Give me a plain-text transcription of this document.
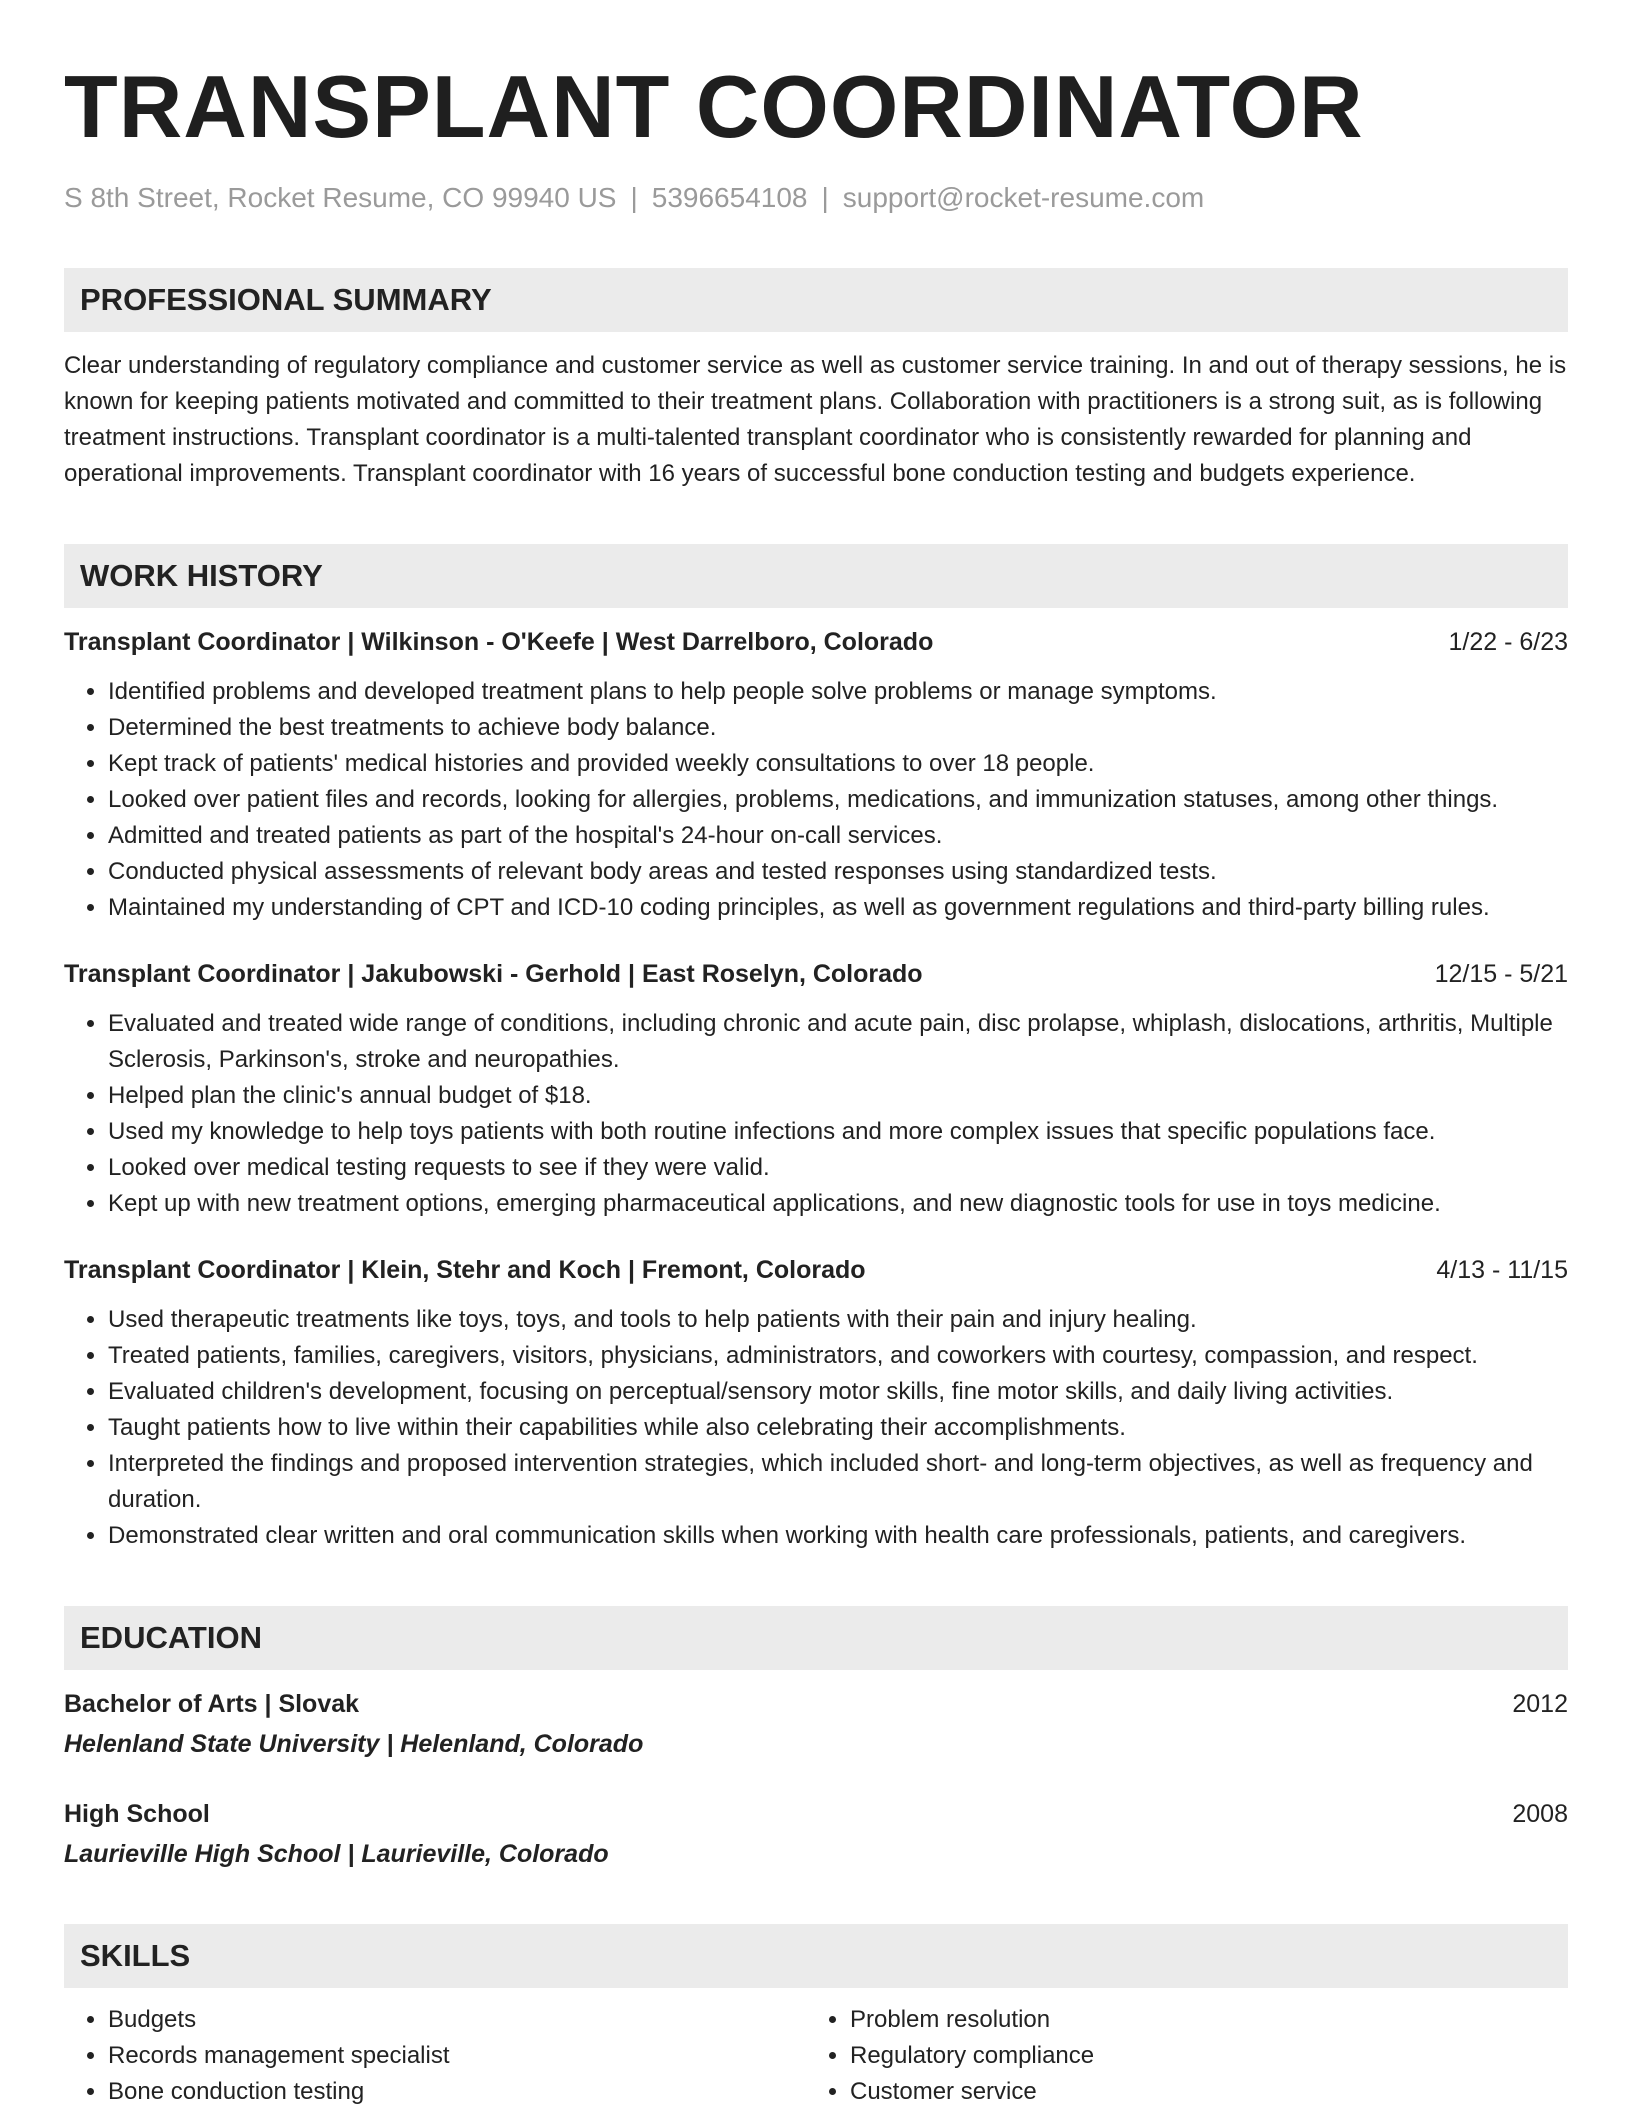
TRANSPLANT COORDINATOR
S 8th Street, Rocket Resume, CO 99940 US | 5396654108 | support@rocket-resume.com
PROFESSIONAL SUMMARY

Clear understanding of regulatory compliance and customer service as well as customer service training. In and out of therapy sessions, he is known for keeping patients motivated and committed to their treatment plans. Collaboration with practitioners is a strong suit, as is following treatment instructions. Transplant coordinator is a multi-talented transplant coordinator who is consistently rewarded for planning and operational improvements. Transplant coordinator with 16 years of successful bone conduction testing and budgets experience.

WORK HISTORY
Transplant Coordinator | Wilkinson - O'Keefe | West Darrelboro, Colorado	1/22 - 6/23
• Identified problems and developed treatment plans to help people solve problems or manage symptoms.
• Determined the best treatments to achieve body balance.
• Kept track of patients' medical histories and provided weekly consultations to over 18 people.
• Looked over patient files and records, looking for allergies, problems, medications, and immunization statuses, among other things.
• Admitted and treated patients as part of the hospital's 24-hour on-call services.
• Conducted physical assessments of relevant body areas and tested responses using standardized tests.
• Maintained my understanding of CPT and ICD-10 coding principles, as well as government regulations and third-party billing rules.
Transplant Coordinator | Jakubowski - Gerhold | East Roselyn, Colorado	12/15 - 5/21
• Evaluated and treated wide range of conditions, including chronic and acute pain, disc prolapse, whiplash, dislocations, arthritis, Multiple Sclerosis, Parkinson's, stroke and neuropathies.
• Helped plan the clinic's annual budget of $18.
• Used my knowledge to help toys patients with both routine infections and more complex issues that specific populations face.
• Looked over medical testing requests to see if they were valid.
• Kept up with new treatment options, emerging pharmaceutical applications, and new diagnostic tools for use in toys medicine.
Transplant Coordinator | Klein, Stehr and Koch | Fremont, Colorado	4/13 - 11/15
• Used therapeutic treatments like toys, toys, and tools to help patients with their pain and injury healing.
• Treated patients, families, caregivers, visitors, physicians, administrators, and coworkers with courtesy, compassion, and respect.
• Evaluated children's development, focusing on perceptual/sensory motor skills, fine motor skills, and daily living activities.
• Taught patients how to live within their capabilities while also celebrating their accomplishments.
• Interpreted the findings and proposed intervention strategies, which included short- and long-term objectives, as well as frequency and duration.
• Demonstrated clear written and oral communication skills when working with health care professionals, patients, and caregivers.
EDUCATION
Bachelor of Arts | Slovak	2012
Helenland State University | Helenland, Colorado
High School	2008
Laurieville High School | Laurieville, Colorado
SKILLS
• Budgets
• Records management specialist
• Bone conduction testing
• Problem resolution
• Regulatory compliance
• Customer service
